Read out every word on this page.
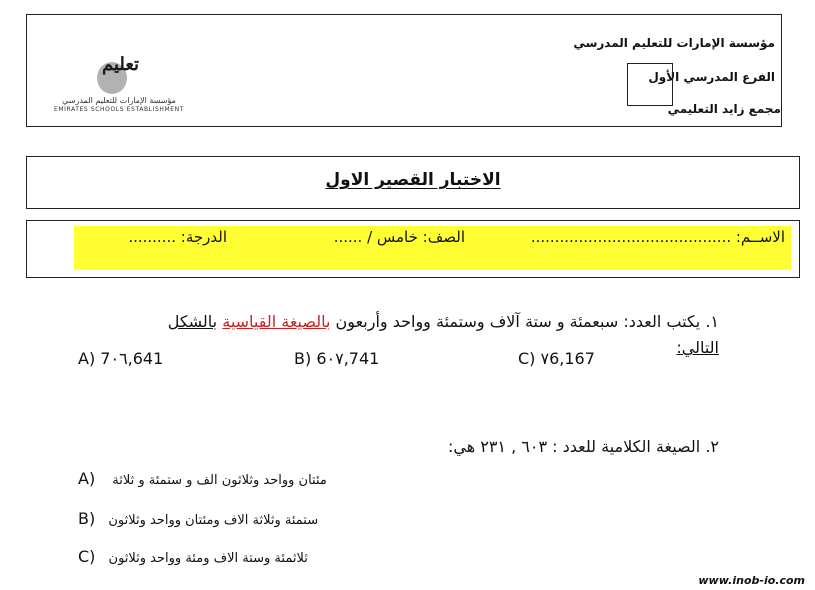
مؤسسة الإمارات للتعليم المدرسي
الفرع المدرسي الأول
مجمع زايد التعليمي
تعليم
مؤسسة الإمارات للتعليم المدرسي
EMIRATES SCHOOLS ESTABLISHMENT
الاختبار القصير الاول
الاســم: ..........................................
الصف: خامس / ......
الدرجة: ..........
١. يكتب العدد: سبعمئة و ستة آلاف وستمئة وواحد وأربعون بالصيغة القياسية بالشكل
التالي:
A) 7٠٦,641	B) 6٠٧,741	C) ٧6,167
٢. الصيغة الكلامية للعدد : ٦٠٣ , ٢٣١ هي:
A) مئتان وواحد وثلاثون الف و ستمئة و ثلاثة
B) ستمئة وثلاثة الاف ومئتان وواحد وثلاثون
C) ثلاثمئة وستة الاف ومئة وواحد وثلاثون
www.inob-io.com
